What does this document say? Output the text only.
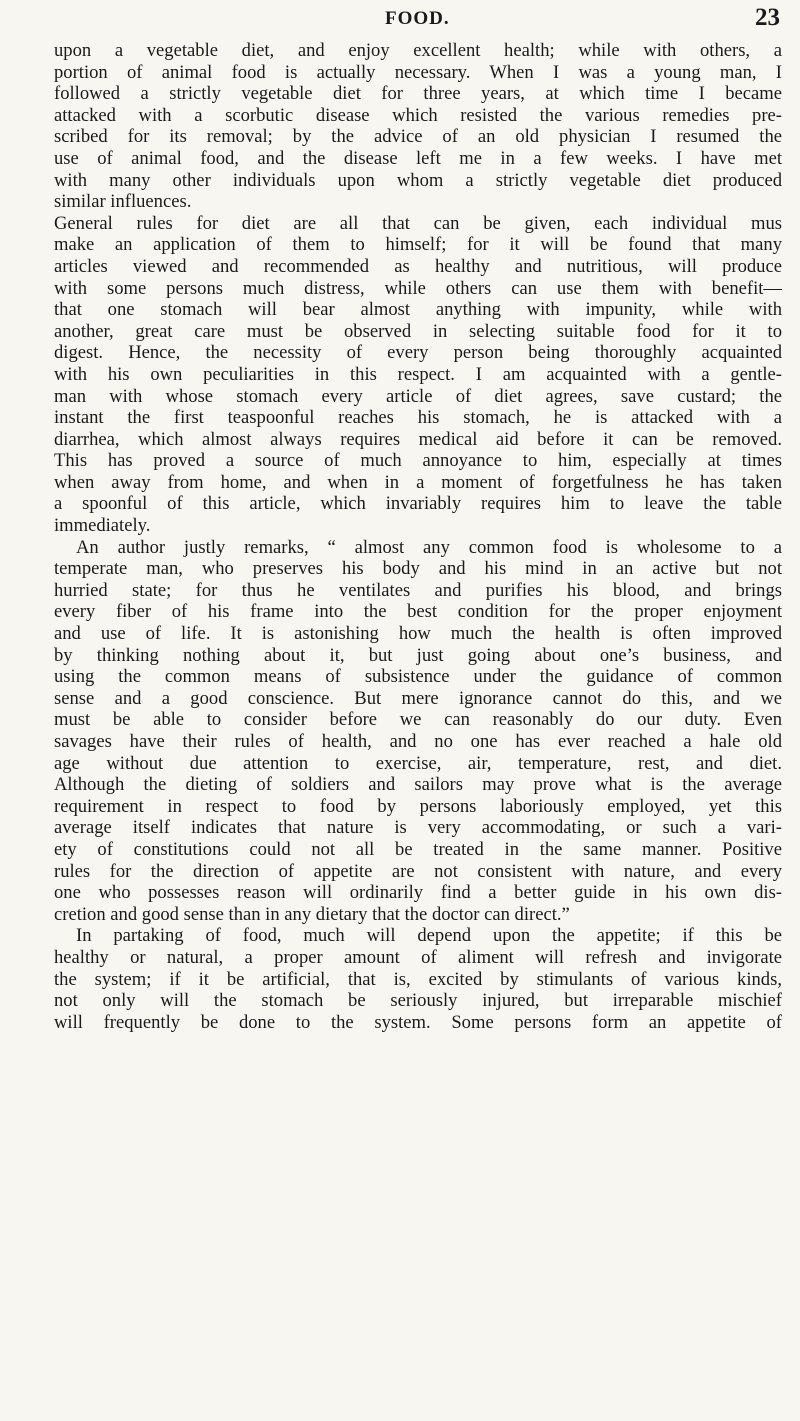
FOOD.	23
upon a vegetable diet, and enjoy excellent health; while with others, a
portion of animal food is actually necessary. When I was a young man, I
followed a strictly vegetable diet for three years, at which time I became
attacked with a scorbutic disease which resisted the various remedies pre-
scribed for its removal; by the advice of an old physician I resumed the
use of animal food, and the disease left me in a few weeks. I have met
with many other individuals upon whom a strictly vegetable diet produced
similar influences.
General rules for diet are all that can be given, each individual mus
make an application of them to himself; for it will be found that many
articles viewed and recommended as healthy and nutritious, will produce
with some persons much distress, while others can use them with benefit—
that one stomach will bear almost anything with impunity, while with
another, great care must be observed in selecting suitable food for it to
digest. Hence, the necessity of every person being thoroughly acquainted
with his own peculiarities in this respect. I am acquainted with a gentle-
man with whose stomach every article of diet agrees, save custard; the
instant the first teaspoonful reaches his stomach, he is attacked with a
diarrhea, which almost always requires medical aid before it can be removed.
This has proved a source of much annoyance to him, especially at times
when away from home, and when in a moment of forgetfulness he has taken
a spoonful of this article, which invariably requires him to leave the table
immediately.
An author justly remarks, “ almost any common food is wholesome to a
temperate man, who preserves his body and his mind in an active but not
hurried state; for thus he ventilates and purifies his blood, and brings
every fiber of his frame into the best condition for the proper enjoyment
and use of life. It is astonishing how much the health is often improved
by thinking nothing about it, but just going about one’s business, and
using the common means of subsistence under the guidance of common
sense and a good conscience. But mere ignorance cannot do this, and we
must be able to consider before we can reasonably do our duty. Even
savages have their rules of health, and no one has ever reached a hale old
age without due attention to exercise, air, temperature, rest, and diet.
Although the dieting of soldiers and sailors may prove what is the average
requirement in respect to food by persons laboriously employed, yet this
average itself indicates that nature is very accommodating, or such a vari-
ety of constitutions could not all be treated in the same manner. Positive
rules for the direction of appetite are not consistent with nature, and every
one who possesses reason will ordinarily find a better guide in his own dis-
cretion and good sense than in any dietary that the doctor can direct.”
In partaking of food, much will depend upon the appetite; if this be
healthy or natural, a proper amount of aliment will refresh and invigorate
the system; if it be artificial, that is, excited by stimulants of various kinds,
not only will the stomach be seriously injured, but irreparable mischief
will frequently be done to the system. Some persons form an appetite of
